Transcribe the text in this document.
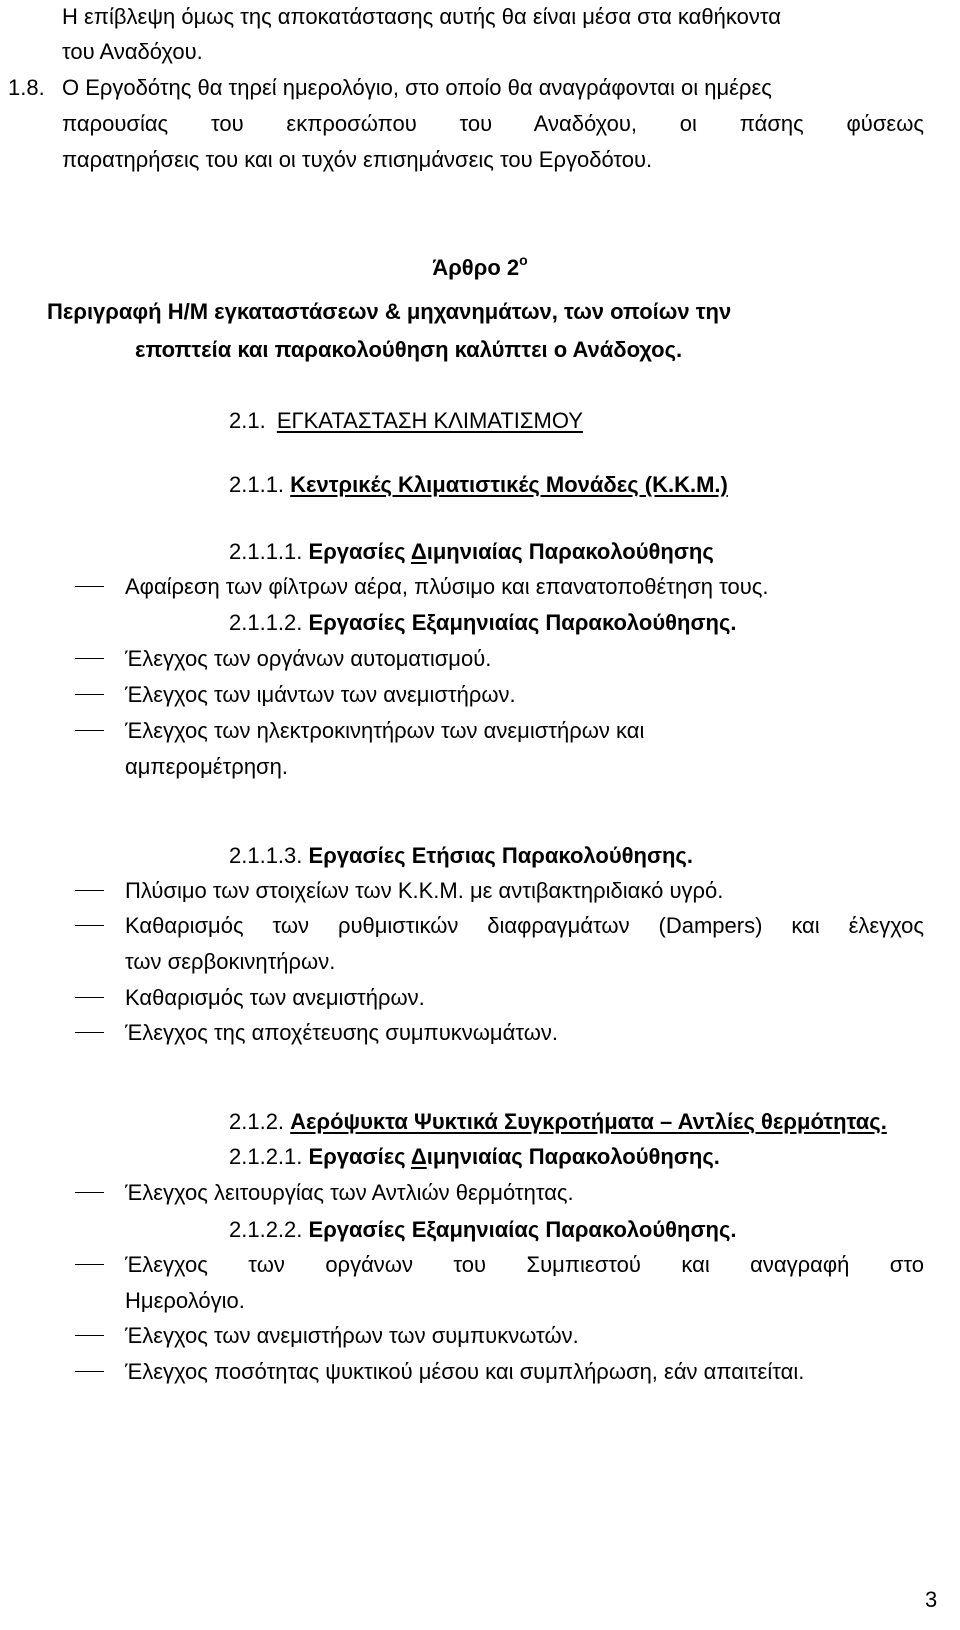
Η επίβλεψη όμως της αποκατάστασης αυτής θα είναι μέσα στα καθήκοντα
του Αναδόχου.
1.8. Ο Εργοδότης θα τηρεί ημερολόγιο, στο οποίο θα αναγράφονται οι ημέρες
παρουσίας του εκπροσώπου του Αναδόχου, οι πάσης φύσεως
παρατηρήσεις του και οι τυχόν επισημάνσεις του Εργοδότου.
Άρθρο $2^o$
Περιγραφή Η/Μ εγκαταστάσεων & μηχανημάτων, των οποίων την
εποπτεία και παρακολούθηση καλύπτει ο Ανάδοχος.
2.1. ΕΓΚΑΤΑΣΤΑΣΗ ΚΛΙΜΑΤΙΣΜΟΥ
2.1.1. Κεντρικές Κλιματιστικές Μονάδες (Κ.Κ.Μ.)
2.1.1.1. Εργασίες Διμηνιαίας Παρακολούθησης
Αφαίρεση των φίλτρων αέρα, πλύσιμο και επανατοποθέτηση τους.
2.1.1.2. Εργασίες Εξαμηνιαίας Παρακολούθησης.
Έλεγχος των οργάνων αυτοματισμού.
Έλεγχος των ιμάντων των ανεμιστήρων.
Έλεγχος των ηλεκτροκινητήρων των ανεμιστήρων και
αμπερομέτρηση.
2.1.1.3. Εργασίες Ετήσιας Παρακολούθησης.
Πλύσιμο των στοιχείων των Κ.Κ.Μ. με αντιβακτηριδιακό υγρό.
Καθαρισμός των ρυθμιστικών διαφραγμάτων (Dampers) και έλεγχος
των σερβοκινητήρων.
Καθαρισμός των ανεμιστήρων.
Έλεγχος της αποχέτευσης συμπυκνωμάτων.
2.1.2. Αερόψυκτα Ψυκτικά Συγκροτήματα – Αντλίες θερμότητας.
2.1.2.1. Εργασίες Διμηνιαίας Παρακολούθησης.
Έλεγχος λειτουργίας των Αντλιών θερμότητας.
2.1.2.2. Εργασίες Εξαμηνιαίας Παρακολούθησης.
Έλεγχος των οργάνων του Συμπιεστού και αναγραφή στο
Ημερολόγιο.
Έλεγχος των ανεμιστήρων των συμπυκνωτών.
Έλεγχος ποσότητας ψυκτικού μέσου και συμπλήρωση, εάν απαιτείται.
3
